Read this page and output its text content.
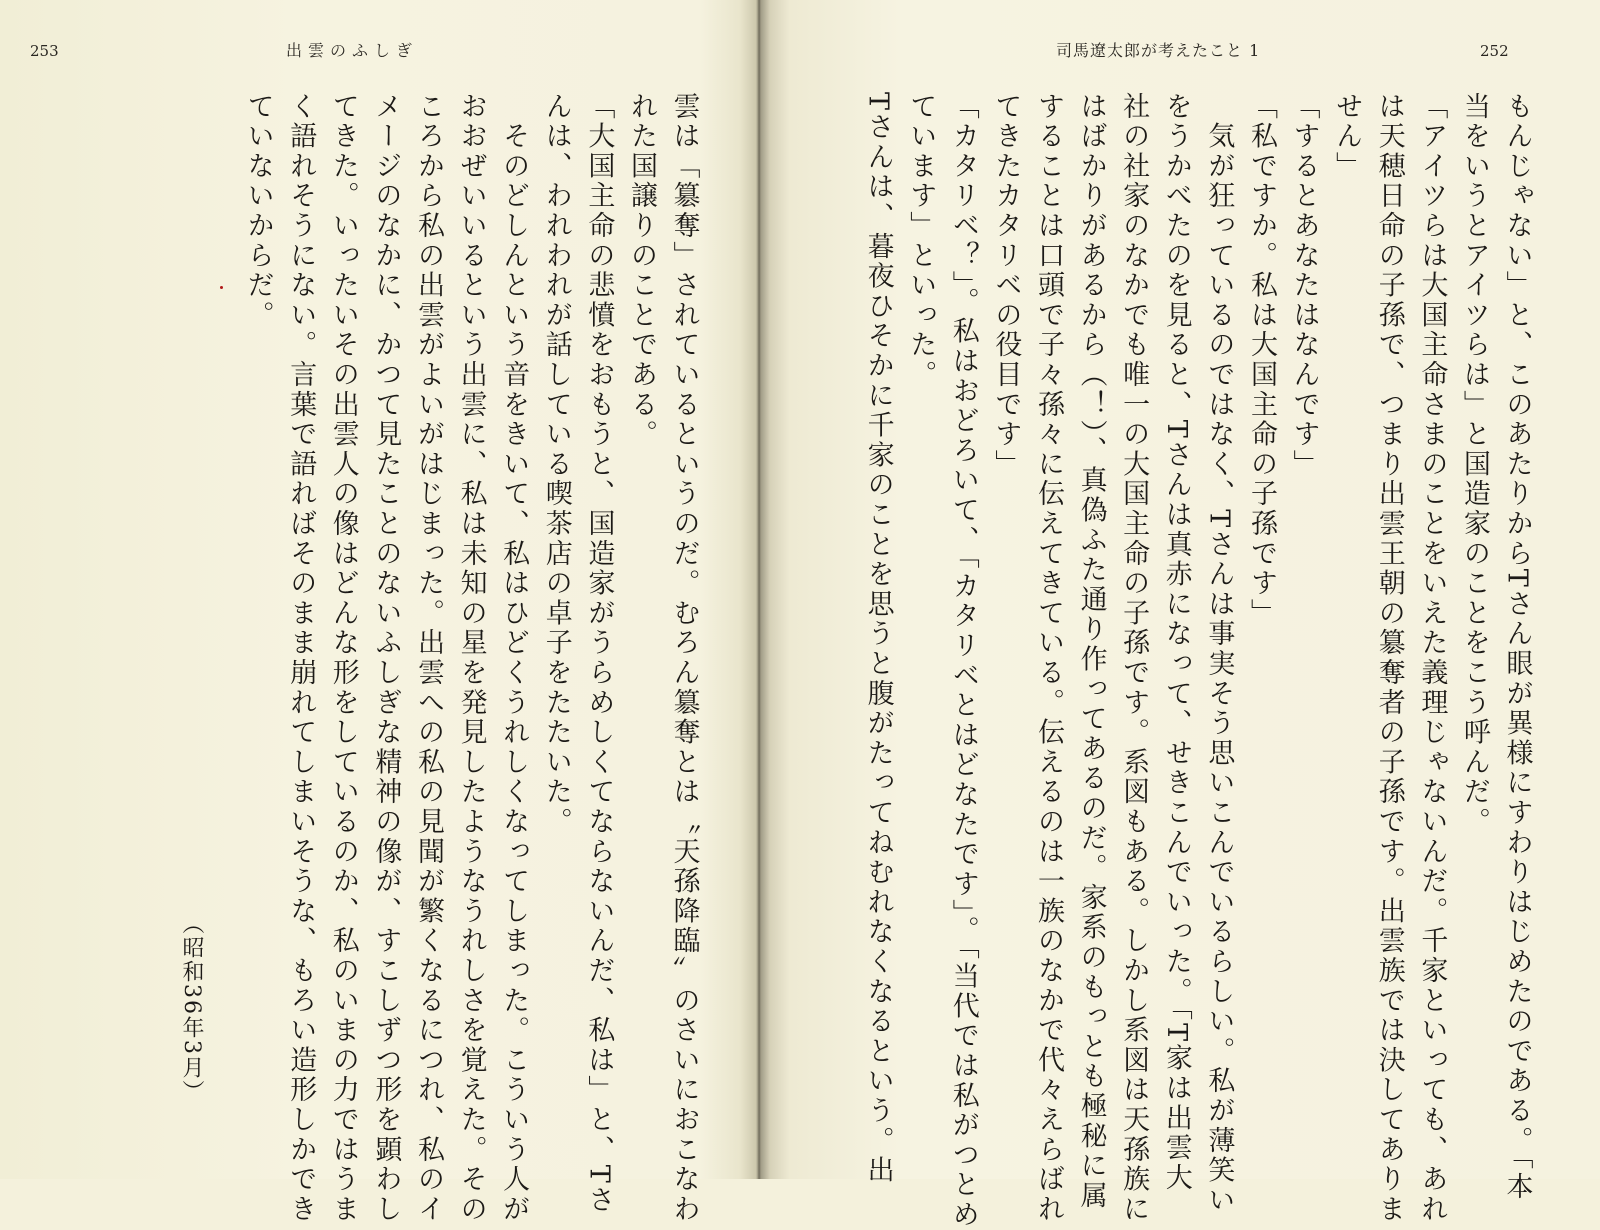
253	出雲のふしぎ
雲は「簒奪」されているというのだ。むろん簒奪とは〝天孫降臨〟のさいにおこなわ
れた国譲りのことである。
「大国主命の悲憤をおもうと、国造家がうらめしくてならないんだ、私は」と、Tさ
んは、われわれが話している喫茶店の卓子をたたいた。
　そのどしんという音をきいて、私はひどくうれしくなってしまった。こういう人が
おおぜいいるという出雲に、私は未知の星を発見したようなうれしさを覚えた。その
ころから私の出雲がよいがはじまった。出雲への私の見聞が繁くなるにつれ、私のイ
メージのなかに、かつて見たことのないふしぎな精神の像が、すこしずつ形を顕わし
てきた。いったいその出雲人の像はどんな形をしているのか、私のいまの力ではうま
く語れそうにない。言葉で語ればそのまま崩れてしまいそうな、もろい造形しかでき
ていないからだ。
（昭和36年3月）
司馬遼太郎が考えたこと 1	252
もんじゃない」と、このあたりからTさん眼が異様にすわりはじめたのである。「本
当をいうとアイツらは」と国造家のことをこう呼んだ。
「アイツらは大国主命さまのことをいえた義理じゃないんだ。千家といっても、あれ
は天穂日命の子孫で、つまり出雲王朝の簒奪者の子孫です。出雲族では決してありま
せん」
「するとあなたはなんです」
「私ですか。私は大国主命の子孫です」
　気が狂っているのではなく、Tさんは事実そう思いこんでいるらしい。私が薄笑い
をうかべたのを見ると、Tさんは真赤になって、せきこんでいった。「T家は出雲大
社の社家のなかでも唯一の大国主命の子孫です。系図もある。しかし系図は天孫族に
はばかりがあるから（！）、真偽ふた通り作ってあるのだ。家系のもっとも極秘に属
することは口頭で子々孫々に伝えてきている。伝えるのは一族のなかで代々えらばれ
てきたカタリベの役目です」
「カタリベ？」。私はおどろいて、「カタリベとはどなたです」。「当代では私がつとめ
ています」といった。
Tさんは、暮夜ひそかに千家のことを思うと腹がたってねむれなくなるという。出
